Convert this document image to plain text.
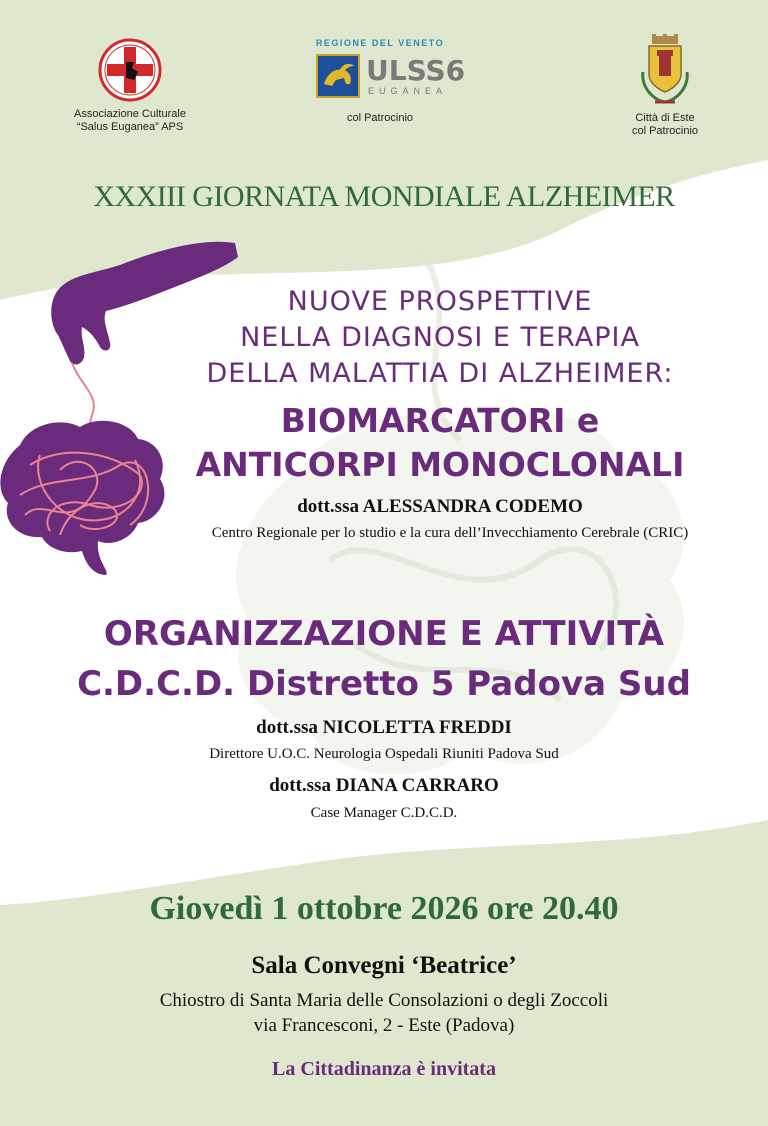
Associazione Culturale
“Salus Euganea” APS
REGIONE DEL VENETO
ULSS6
EUGANEA
col Patrocinio	Città di Este
col Patrocinio
XXXIII GIORNATA MONDIALE ALZHEIMER
NUOVE PROSPETTIVE
NELLA DIAGNOSI E TERAPIA
DELLA MALATTIA DI ALZHEIMER:
BIOMARCATORI e
ANTICORPI MONOCLONALI
dott.ssa ALESSANDRA CODEMO
Centro Regionale per lo studio e la cura dell’Invecchiamento Cerebrale (CRIC)
ORGANIZZAZIONE E ATTIVITÀ
C.D.C.D. Distretto 5 Padova Sud
dott.ssa NICOLETTA FREDDI
Direttore U.O.C. Neurologia Ospedali Riuniti Padova Sud
dott.ssa DIANA CARRARO
Case Manager C.D.C.D.
Giovedì 1 ottobre 2026 ore 20.40
Sala Convegni ‘Beatrice’
Chiostro di Santa Maria delle Consolazioni o degli Zoccoli
via Francesconi, 2 - Este (Padova)
La Cittadinanza è invitata
